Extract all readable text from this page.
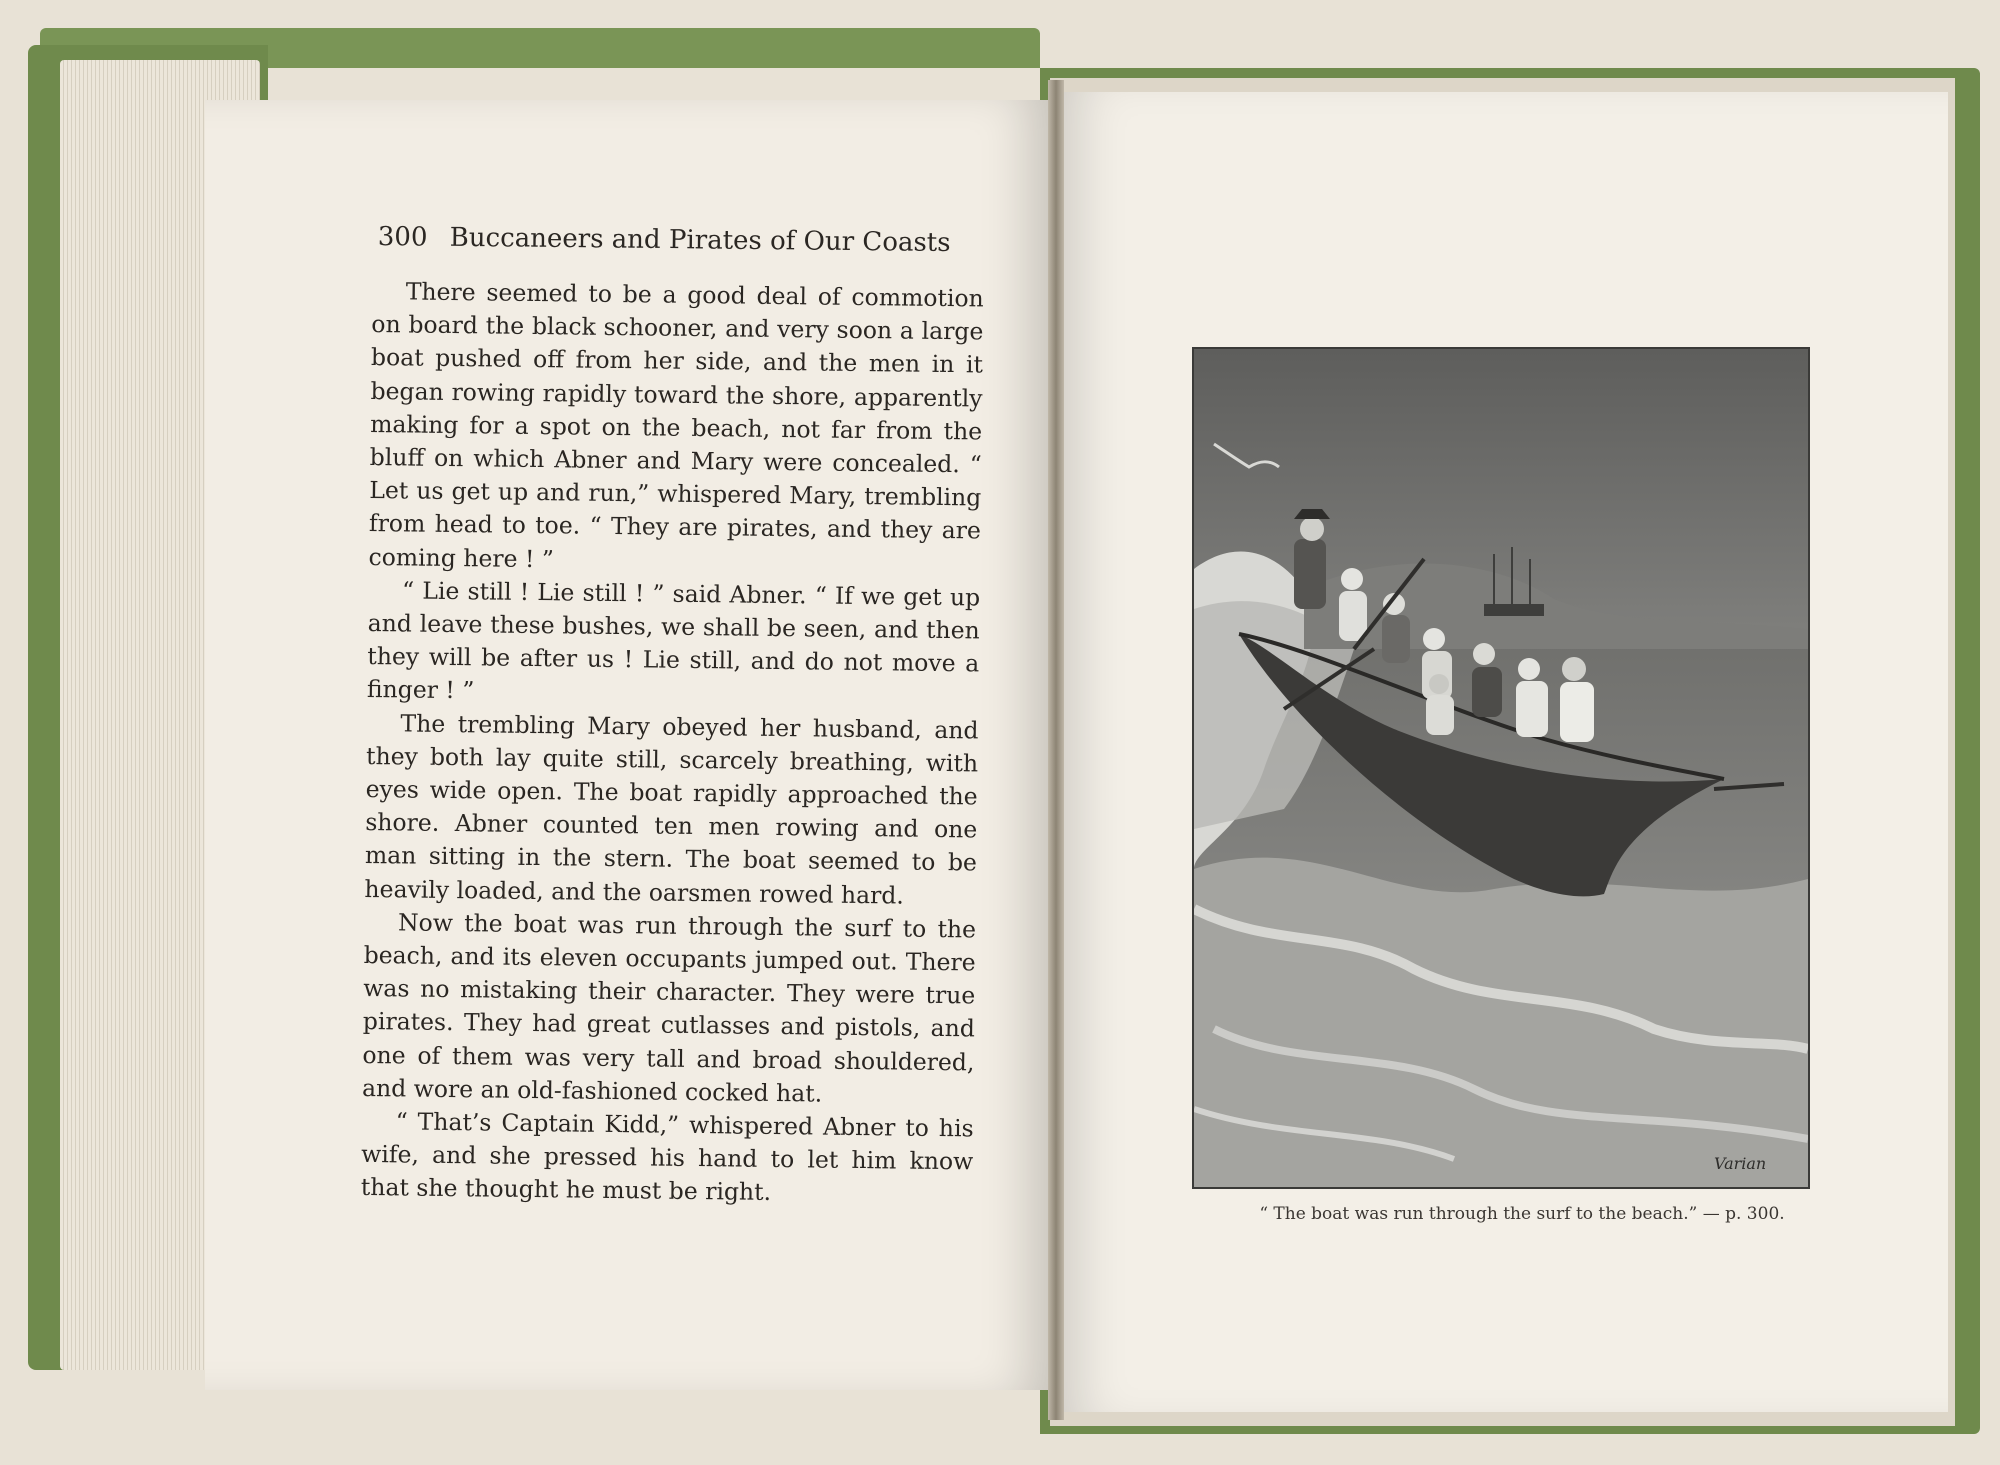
300 Buccaneers and Pirates of Our Coasts

There seemed to be a good deal of commotion on board the black schooner, and very soon a large boat pushed off from her side, and the men in it began rowing rapidly toward the shore, apparently making for a spot on the beach, not far from the bluff on which Abner and Mary were concealed. “ Let us get up and run,” whispered Mary, trembling from head to toe. “ They are pirates, and they are coming here ! ”

“ Lie still ! Lie still ! ” said Abner. “ If we get up and leave these bushes, we shall be seen, and then they will be after us ! Lie still, and do not move a finger ! ”

The trembling Mary obeyed her husband, and they both lay quite still, scarcely breathing, with eyes wide open. The boat rapidly approached the shore. Abner counted ten men rowing and one man sitting in the stern. The boat seemed to be heavily loaded, and the oarsmen rowed hard.

Now the boat was run through the surf to the beach, and its eleven occupants jumped out. There was no mistaking their character. They were true pirates. They had great cutlasses and pistols, and one of them was very tall and broad shouldered, and wore an old-fashioned cocked hat.

“ That’s Captain Kidd,” whispered Abner to his wife, and she pressed his hand to let him know that she thought he must be right.

Varian
“ The boat was run through the surf to the beach.” — p. 300.
